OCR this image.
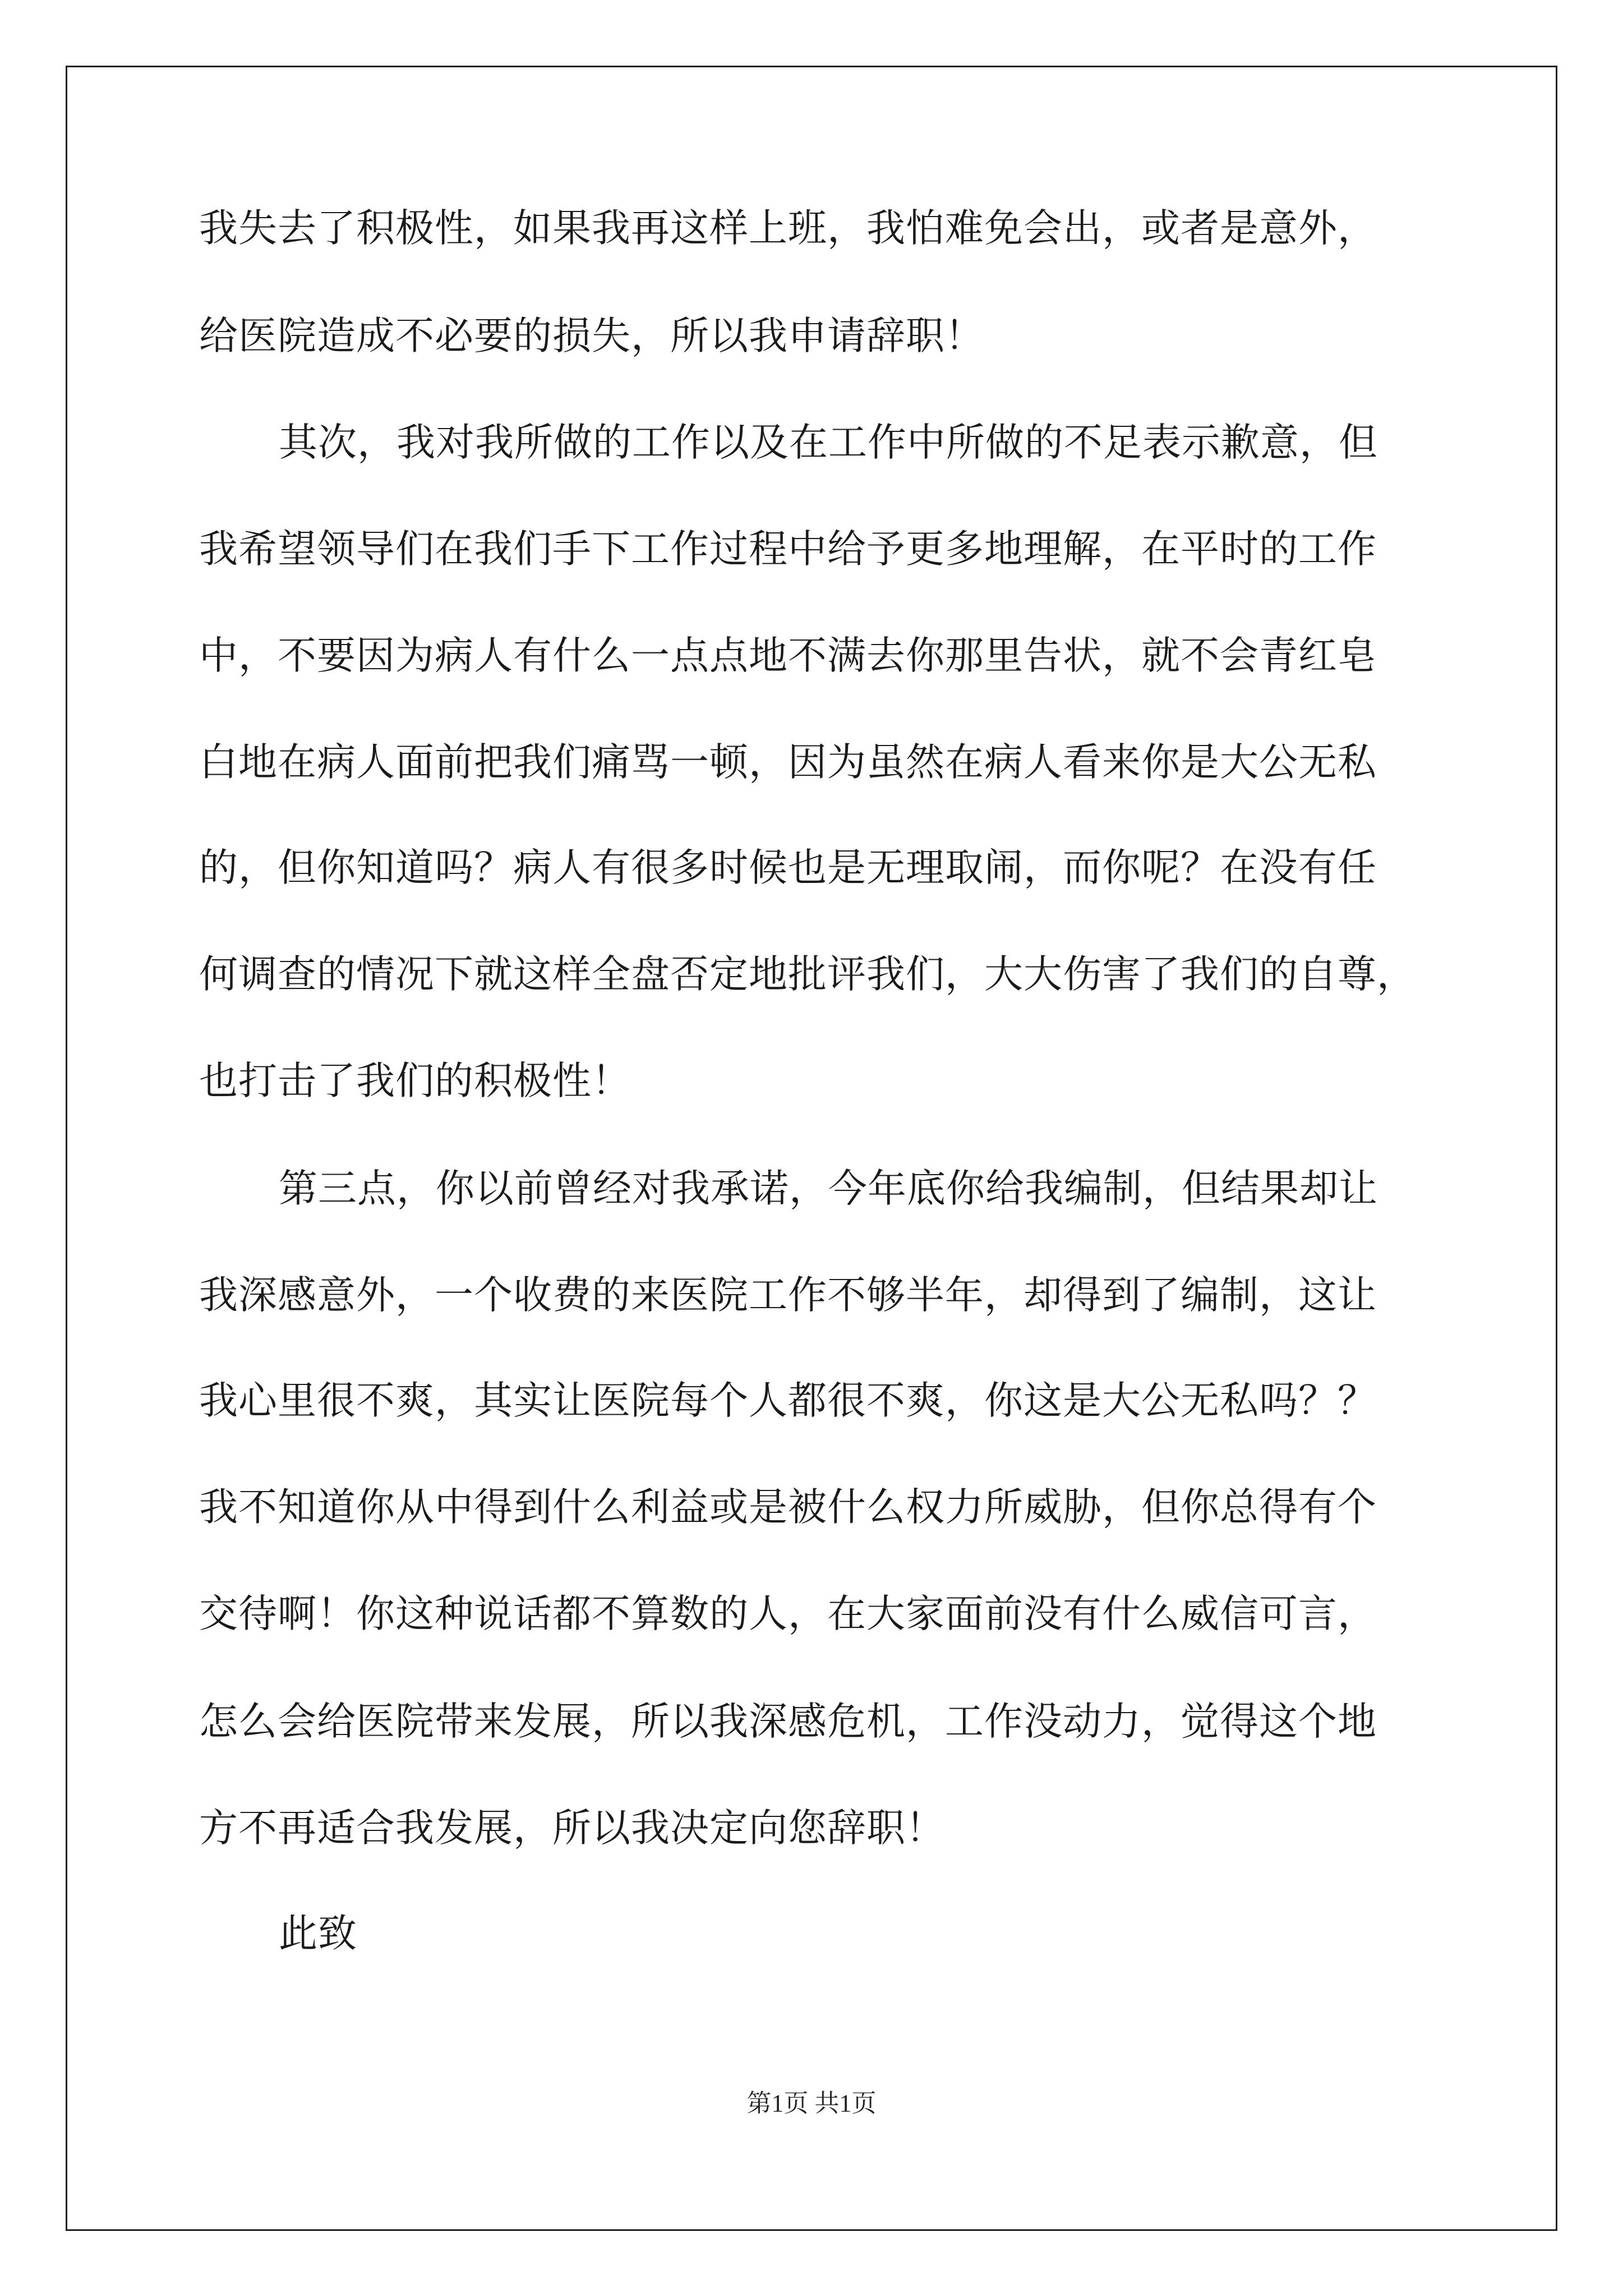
我失去了积极性，如果我再这样上班，我怕难免会出，或者是意外，
给医院造成不必要的损失，所以我申请辞职！
其次，我对我所做的工作以及在工作中所做的不足表示歉意，但
我希望领导们在我们手下工作过程中给予更多地理解，在平时的工作
中，不要因为病人有什么一点点地不满去你那里告状，就不会青红皂
白地在病人面前把我们痛骂一顿，因为虽然在病人看来你是大公无私
的，但你知道吗？病人有很多时候也是无理取闹，而你呢？在没有任
何调查的情况下就这样全盘否定地批评我们，大大伤害了我们的自尊，
也打击了我们的积极性！
第三点，你以前曾经对我承诺，今年底你给我编制，但结果却让
我深感意外，一个收费的来医院工作不够半年，却得到了编制，这让
我心里很不爽，其实让医院每个人都很不爽，你这是大公无私吗？？
我不知道你从中得到什么利益或是被什么权力所威胁，但你总得有个
交待啊！你这种说话都不算数的人，在大家面前没有什么威信可言，
怎么会给医院带来发展，所以我深感危机，工作没动力，觉得这个地
方不再适合我发展，所以我决定向您辞职！
此致
第1页 共1页
